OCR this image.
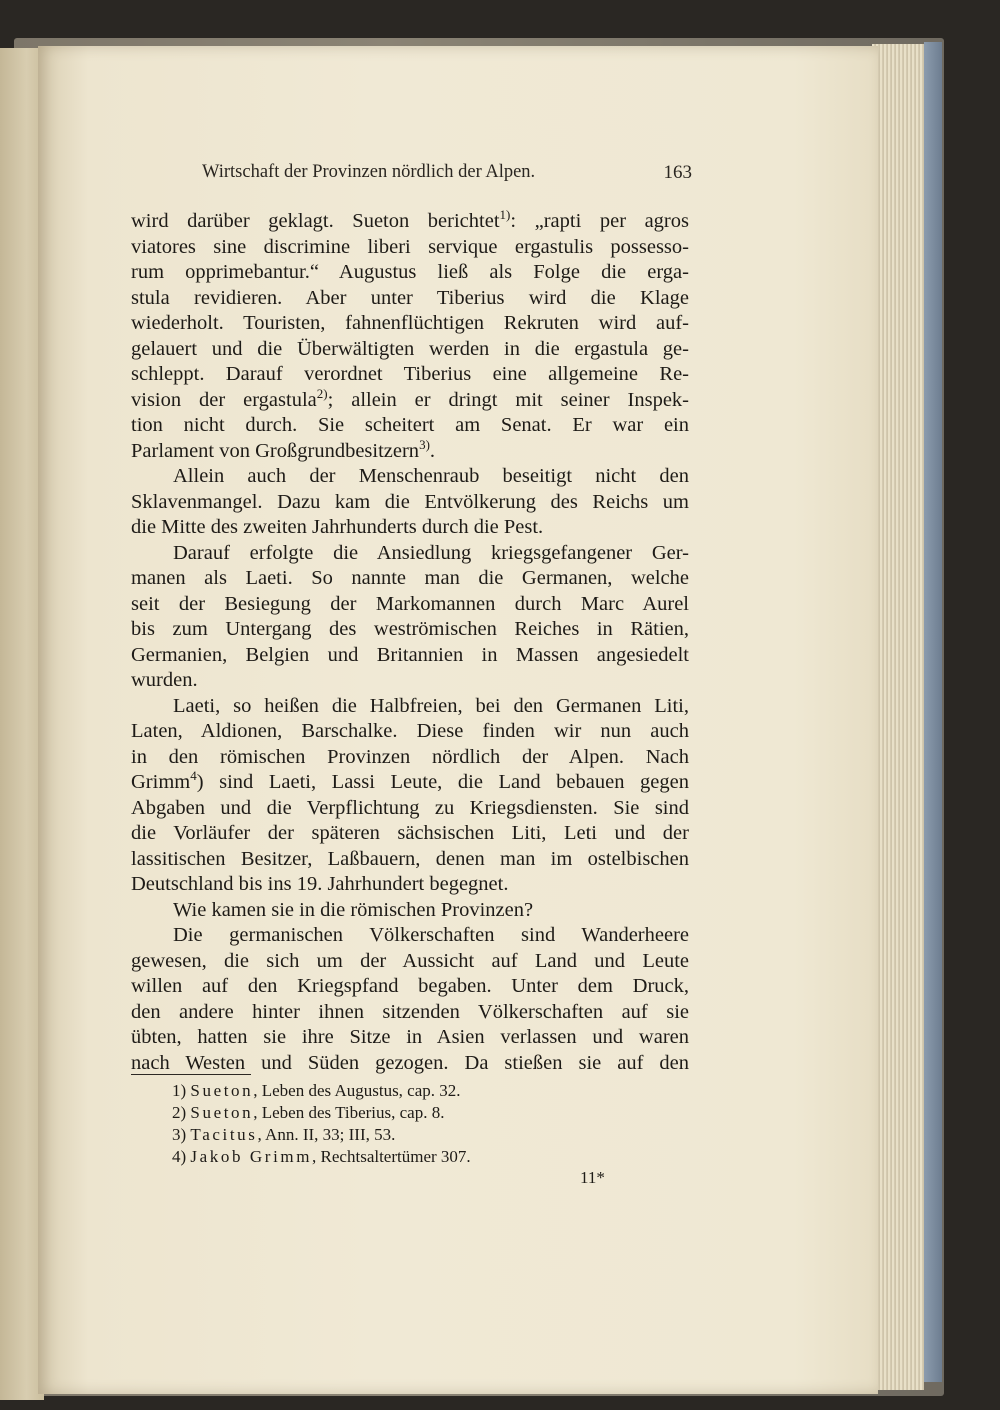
Wirtschaft der Provinzen nördlich der Alpen.	163
wird darüber geklagt. Sueton berichtet$^{1)}$: „rapti per agros
viatores sine discrimine liberi servique ergastulis possesso-
rum opprimebantur.“ Augustus ließ als Folge die erga-
stula revidieren. Aber unter Tiberius wird die Klage
wiederholt. Touristen, fahnenflüchtigen Rekruten wird auf-
gelauert und die Überwältigten werden in die ergastula ge-
schleppt. Darauf verordnet Tiberius eine allgemeine Re-
vision der ergastula$^{2)}$; allein er dringt mit seiner Inspek-
tion nicht durch. Sie scheitert am Senat. Er war ein
Parlament von Großgrundbesitzern$^{3)}$.
Allein auch der Menschenraub beseitigt nicht den
Sklavenmangel. Dazu kam die Entvölkerung des Reichs um
die Mitte des zweiten Jahrhunderts durch die Pest.
Darauf erfolgte die Ansiedlung kriegsgefangener Ger-
manen als Laeti. So nannte man die Germanen, welche
seit der Besiegung der Markomannen durch Marc Aurel
bis zum Untergang des weströmischen Reiches in Rätien,
Germanien, Belgien und Britannien in Massen angesiedelt
wurden.
Laeti, so heißen die Halbfreien, bei den Germanen Liti,
Laten, Aldionen, Barschalke. Diese finden wir nun auch
in den römischen Provinzen nördlich der Alpen. Nach
Grimm$^4$) sind Laeti, Lassi Leute, die Land bebauen gegen
Abgaben und die Verpflichtung zu Kriegsdiensten. Sie sind
die Vorläufer der späteren sächsischen Liti, Leti und der
lassitischen Besitzer, Laßbauern, denen man im ostelbischen
Deutschland bis ins 19. Jahrhundert begegnet.
Wie kamen sie in die römischen Provinzen?
Die germanischen Völkerschaften sind Wanderheere
gewesen, die sich um der Aussicht auf Land und Leute
willen auf den Kriegspfand begaben. Unter dem Druck,
den andere hinter ihnen sitzenden Völkerschaften auf sie
übten, hatten sie ihre Sitze in Asien verlassen und waren
nach Westen und Süden gezogen. Da stießen sie auf den
1) Sueton, Leben des Augustus, cap. 32.
2) Sueton, Leben des Tiberius, cap. 8.
3) Tacitus, Ann. II, 33; III, 53.
4) Jakob Grimm, Rechtsaltertümer 307.
11*
